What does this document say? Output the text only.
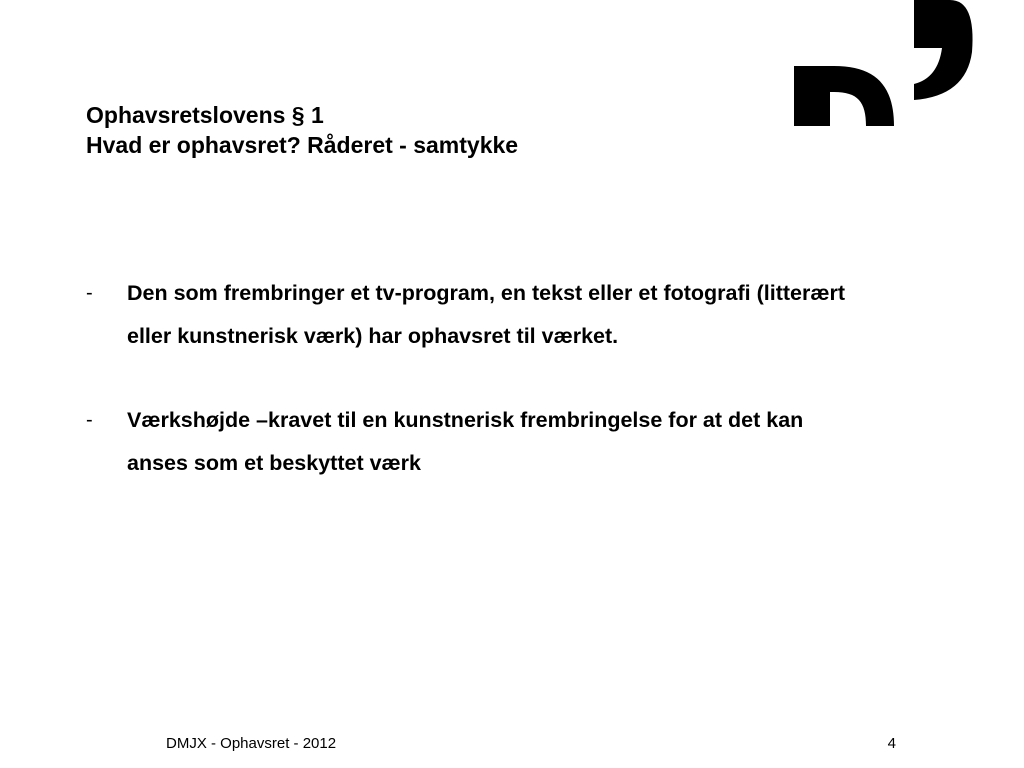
Ophavsretslovens § 1
Hvad er ophavsret? Råderet - samtykke
- Den som frembringer et tv-program, en tekst eller et fotografi (litterært eller kunstnerisk værk) har ophavsret til værket.
- Værkshøjde –kravet til en kunstnerisk frembringelse for at det kan anses som et beskyttet værk
DMJX - Ophavsret - 2012	4
